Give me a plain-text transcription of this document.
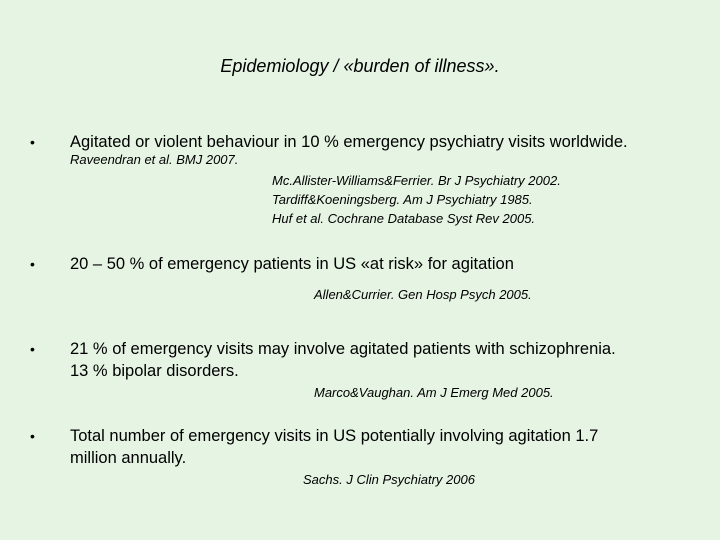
Epidemiology / «burden of illness».
• Agitated or violent behaviour in 10 % emergency psychiatry visits worldwide.
Raveendran et al. BMJ 2007.
Mc.Allister-Williams&Ferrier. Br J Psychiatry 2002.
Tardiff&Koeningsberg. Am J Psychiatry 1985.
Huf et al. Cochrane Database Syst Rev 2005.
• 20 – 50 % of emergency patients in US «at risk» for agitation
Allen&Currier. Gen Hosp Psych 2005.
• 21 % of emergency visits may involve agitated patients with schizophrenia.
13 % bipolar disorders.
Marco&Vaughan. Am J Emerg Med 2005.
• Total number of emergency visits in US potentially involving agitation 1.7
million annually.
Sachs. J Clin Psychiatry 2006
